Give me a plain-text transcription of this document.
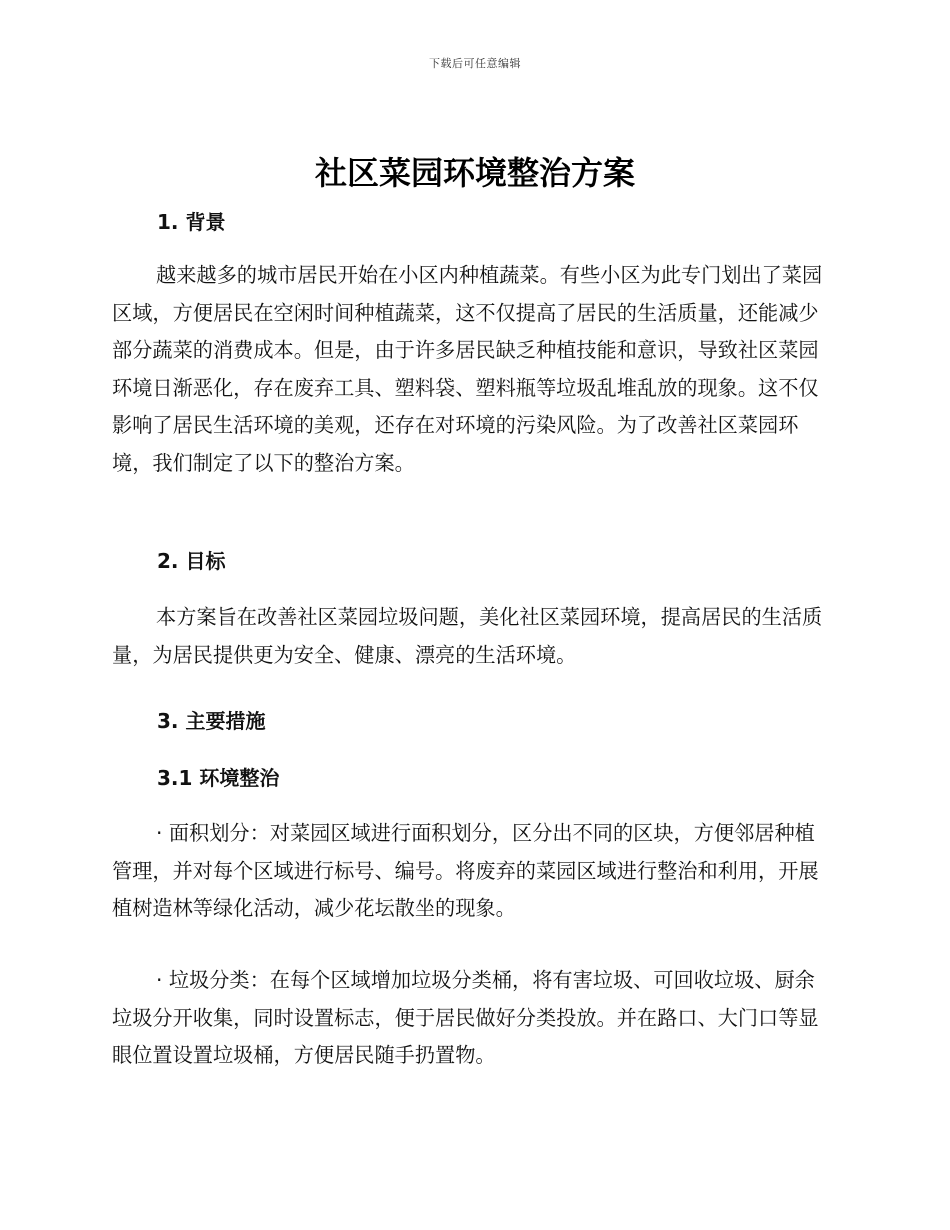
下载后可任意编辑
社区菜园环境整治方案
1. 背景

越来越多的城市居民开始在小区内种植蔬菜。有些小区为此专门划出了菜园区域，方便居民在空闲时间种植蔬菜，这不仅提高了居民的生活质量，还能减少部分蔬菜的消费成本。但是，由于许多居民缺乏种植技能和意识，导致社区菜园环境日渐恶化，存在废弃工具、塑料袋、塑料瓶等垃圾乱堆乱放的现象。这不仅影响了居民生活环境的美观，还存在对环境的污染风险。为了改善社区菜园环境，我们制定了以下的整治方案。

2. 目标

本方案旨在改善社区菜园垃圾问题，美化社区菜园环境，提高居民的生活质量，为居民提供更为安全、健康、漂亮的生活环境。

3. 主要措施
3.1 环境整治

· 面积划分：对菜园区域进行面积划分，区分出不同的区块，方便邻居种植管理，并对每个区域进行标号、编号。将废弃的菜园区域进行整治和利用，开展植树造林等绿化活动，减少花坛散坐的现象。

· 垃圾分类：在每个区域增加垃圾分类桶，将有害垃圾、可回收垃圾、厨余垃圾分开收集，同时设置标志，便于居民做好分类投放。并在路口、大门口等显眼位置设置垃圾桶，方便居民随手扔置物。
